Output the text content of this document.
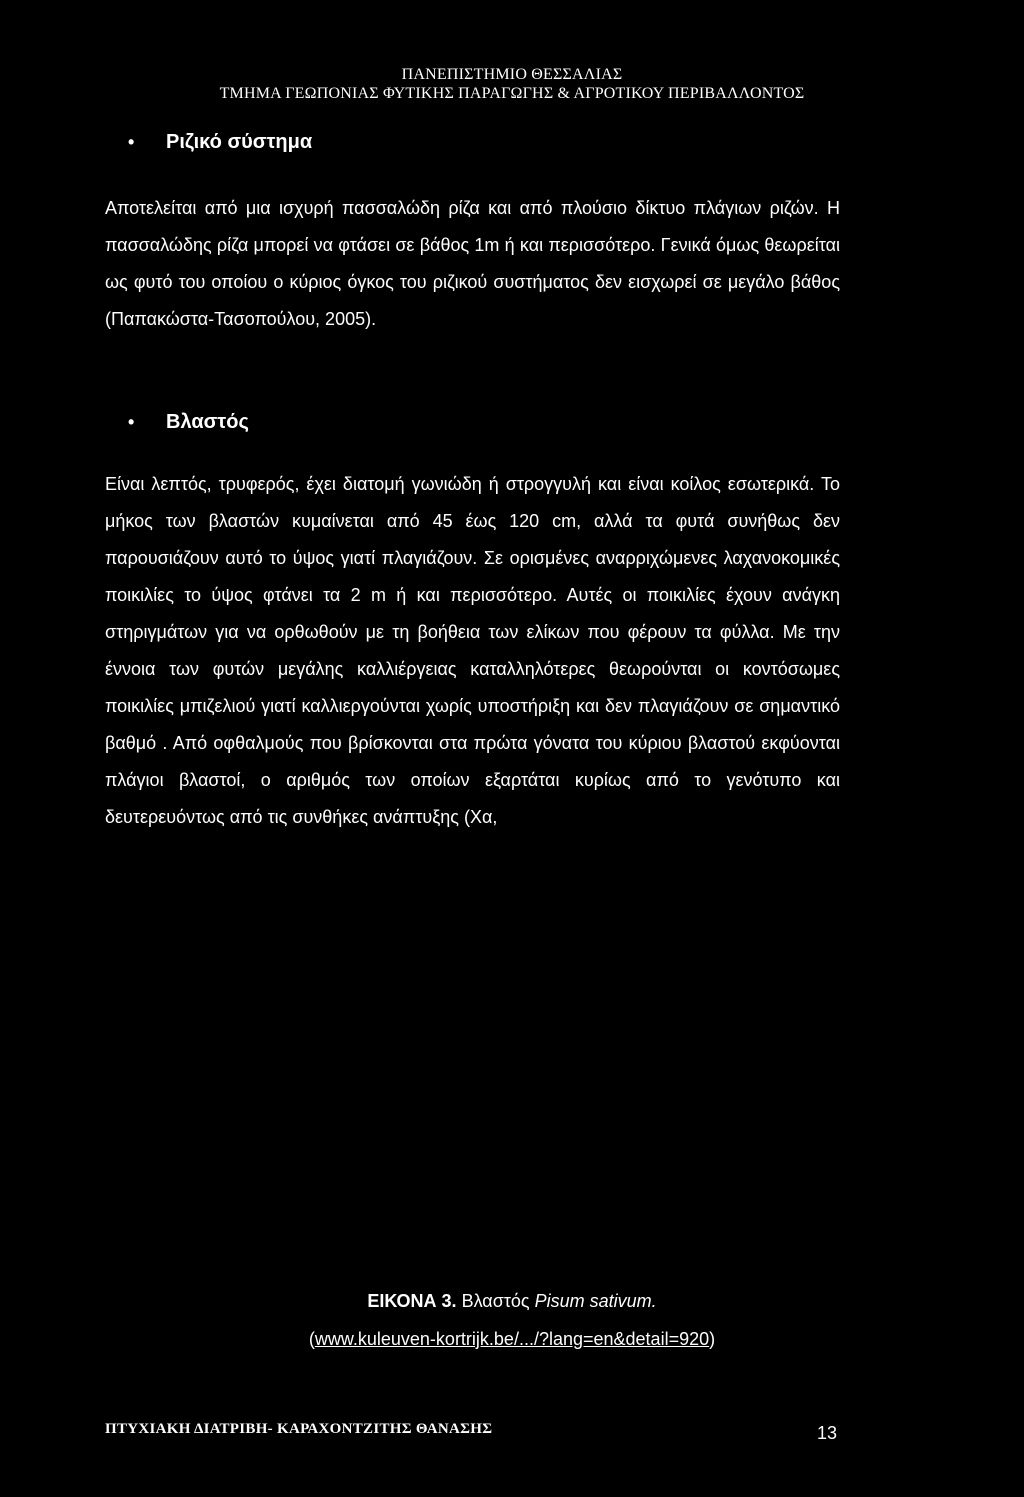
ΠΑΝΕΠΙΣΤΗΜΙΟ ΘΕΣΣΑΛΙΑΣ
ΤΜΗΜΑ ΓΕΩΠΟΝΙΑΣ ΦΥΤΙΚΗΣ ΠΑΡΑΓΩΓΗΣ & ΑΓΡΟΤΙΚΟΥ ΠΕΡΙΒΑΛΛΟΝΤΟΣ
• Ριζικό σύστημα

Αποτελείται από μια ισχυρή πασσαλώδη ρίζα και από πλούσιο δίκτυο πλάγιων ριζών. Η πασσαλώδης ρίζα μπορεί να φτάσει σε βάθος 1m ή και περισσότερο. Γενικά όμως θεωρείται ως φυτό του οποίου ο κύριος όγκος του ριζικού συστήματος δεν εισχωρεί σε μεγάλο βάθος (Παπακώστα-Τασοπούλου, 2005).

• Βλαστός

Είναι λεπτός, τρυφερός, έχει διατομή γωνιώδη ή στρογγυλή και είναι κοίλος εσωτερικά. Το μήκος των βλαστών κυμαίνεται από 45 έως 120 cm, αλλά τα φυτά συνήθως δεν παρουσιάζουν αυτό το ύψος γιατί πλαγιάζουν. Σε ορισμένες αναρριχώμενες λαχανοκομικές ποικιλίες το ύψος φτάνει τα 2 m ή και περισσότερο. Αυτές οι ποικιλίες έχουν ανάγκη στηριγμάτων για να ορθωθούν με τη βοήθεια των ελίκων που φέρουν τα φύλλα. Με την έννοια των φυτών μεγάλης καλλιέργειας καταλληλότερες θεωρούνται οι κοντόσωμες ποικιλίες μπιζελιού γιατί καλλιεργούνται χωρίς υποστήριξη και δεν πλαγιάζουν σε σημαντικό βαθμό . Από οφθαλμούς που βρίσκονται στα πρώτα γόνατα του κύριου βλαστού εκφύονται πλάγιοι βλαστοί, ο αριθμός των οποίων εξαρτάται κυρίως από το γενότυπο και δευτερευόντως από τις συνθήκες ανάπτυξης (Χα,

ΕΙΚΟΝΑ 3. Βλαστός Pisum sativum.
(www.kuleuven-kortrijk.be/.../?lang=en&detail=920)
ΠΤΥΧΙΑΚΗ ΔΙΑΤΡΙΒΗ- ΚΑΡΑΧΟΝΤΖΙΤΗΣ ΘΑΝΑΣΗΣ	13
